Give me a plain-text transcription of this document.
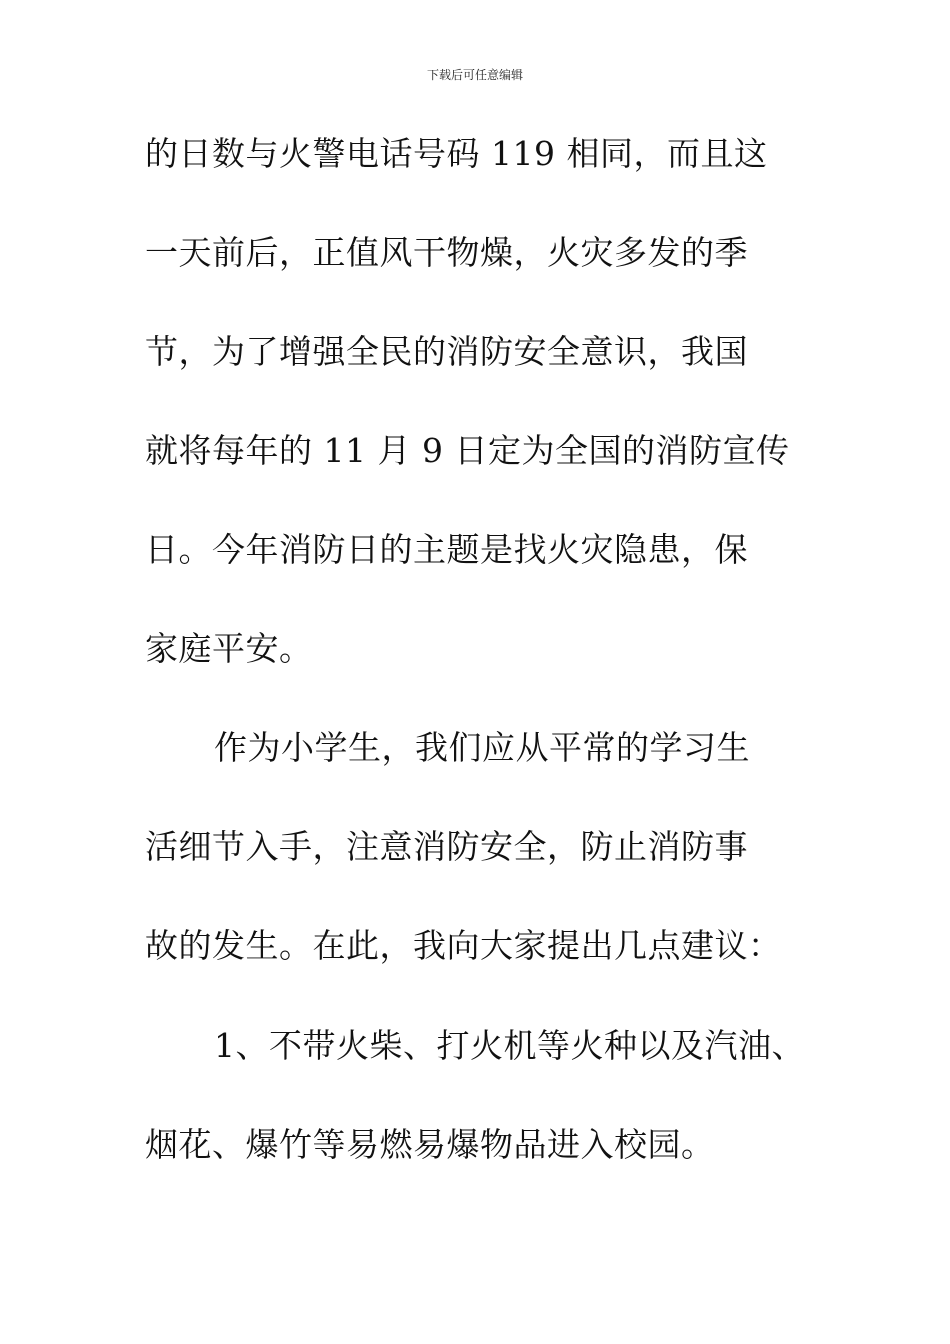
下载后可任意编辑
的日数与火警电话号码 119 相同，而且这
一天前后，正值风干物燥，火灾多发的季
节，为了增强全民的消防安全意识，我国
就将每年的 11 月 9 日定为全国的消防宣传
日。今年消防日的主题是找火灾隐患，保
家庭平安。
作为小学生，我们应从平常的学习生
活细节入手，注意消防安全，防止消防事
故的发生。在此，我向大家提出几点建议：
1、不带火柴、打火机等火种以及汽油、
烟花、爆竹等易燃易爆物品进入校园。
